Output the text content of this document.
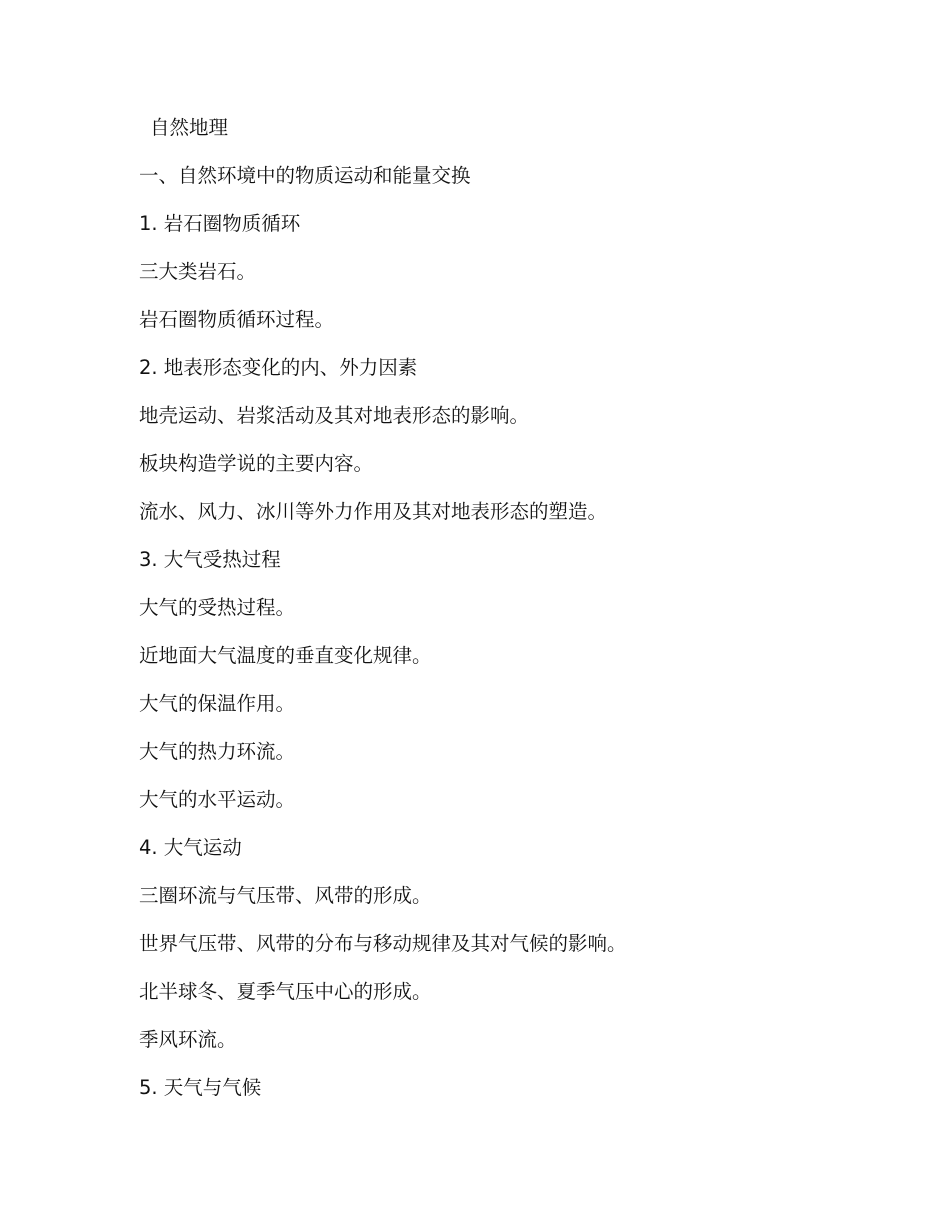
自然地理
一、自然环境中的物质运动和能量交换
1. 岩石圈物质循环
三大类岩石。
岩石圈物质循环过程。
2. 地表形态变化的内、外力因素
地壳运动、岩浆活动及其对地表形态的影响。
板块构造学说的主要内容。
流水、风力、冰川等外力作用及其对地表形态的塑造。
3. 大气受热过程
大气的受热过程。
近地面大气温度的垂直变化规律。
大气的保温作用。
大气的热力环流。
大气的水平运动。
4. 大气运动
三圈环流与气压带、风带的形成。
世界气压带、风带的分布与移动规律及其对气候的影响。
北半球冬、夏季气压中心的形成。
季风环流。
5. 天气与气候
